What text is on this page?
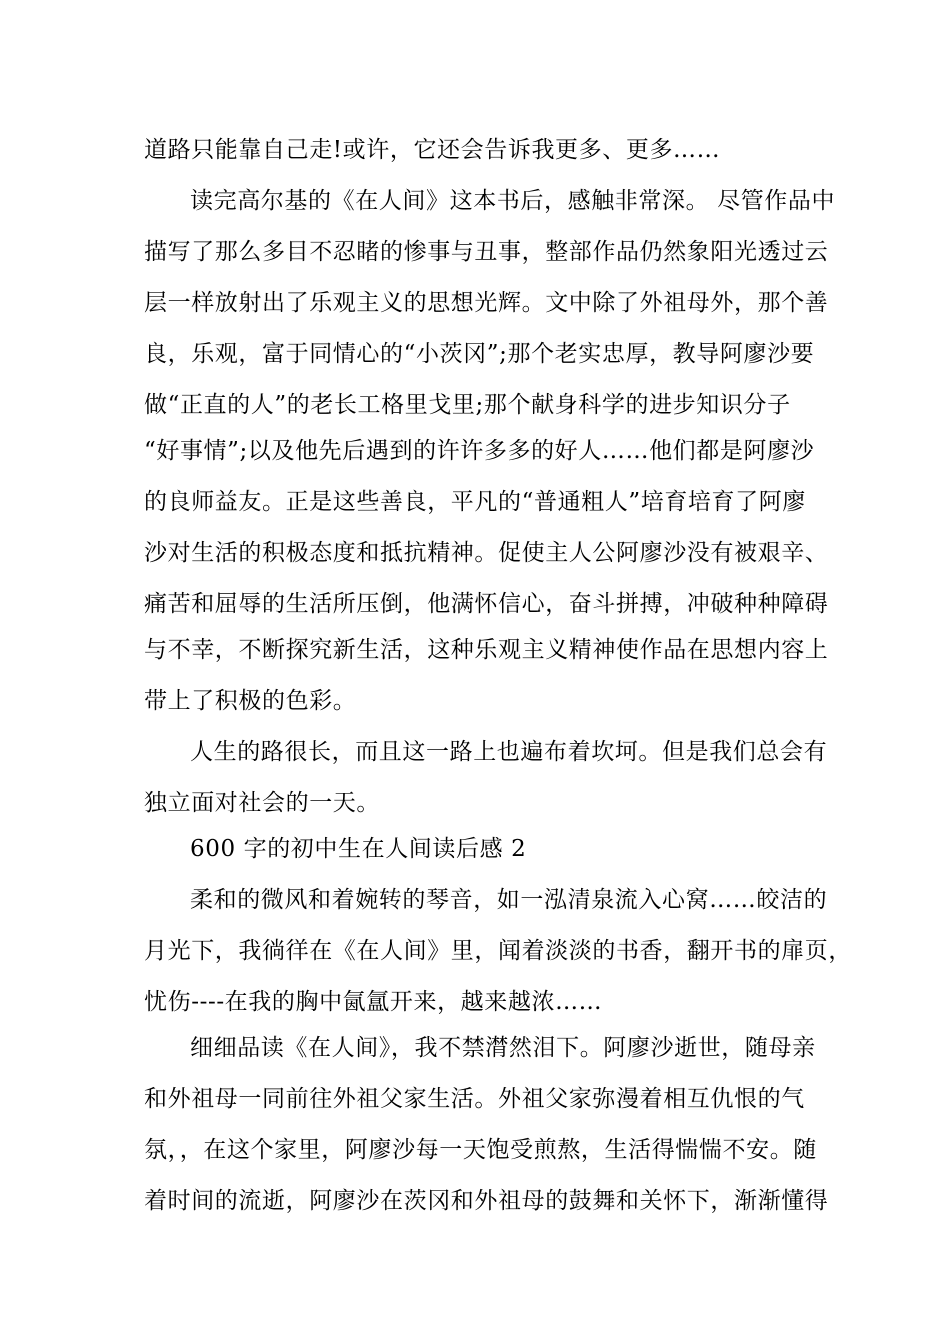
道路只能靠自己走!或许，它还会告诉我更多、更多……
读完高尔基的《在人间》这本书后，感触非常深。 尽管作品中
描写了那么多目不忍睹的惨事与丑事，整部作品仍然象阳光透过云
层一样放射出了乐观主义的思想光辉。文中除了外祖母外，那个善
良，乐观，富于同情心的“小茨冈”;那个老实忠厚，教导阿廖沙要
做“正直的人”的老长工格里戈里;那个献身科学的进步知识分子
“好事情”;以及他先后遇到的许许多多的好人……他们都是阿廖沙
的良师益友。正是这些善良，平凡的“普通粗人”培育培育了阿廖
沙对生活的积极态度和抵抗精神。促使主人公阿廖沙没有被艰辛、
痛苦和屈辱的生活所压倒，他满怀信心，奋斗拼搏，冲破种种障碍
与不幸，不断探究新生活，这种乐观主义精神使作品在思想内容上
带上了积极的色彩。
人生的路很长，而且这一路上也遍布着坎坷。但是我们总会有
独立面对社会的一天。
600 字的初中生在人间读后感 2
柔和的微风和着婉转的琴音，如一泓清泉流入心窝……皎洁的
月光下，我徜徉在《在人间》里，闻着淡淡的书香，翻开书的扉页，
忧伤----在我的胸中氤氲开来，越来越浓……
细细品读《在人间》，我不禁潸然泪下。阿廖沙逝世，随母亲
和外祖母一同前往外祖父家生活。外祖父家弥漫着相互仇恨的气
氛，，在这个家里，阿廖沙每一天饱受煎熬，生活得惴惴不安。随
着时间的流逝，阿廖沙在茨冈和外祖母的鼓舞和关怀下，渐渐懂得
